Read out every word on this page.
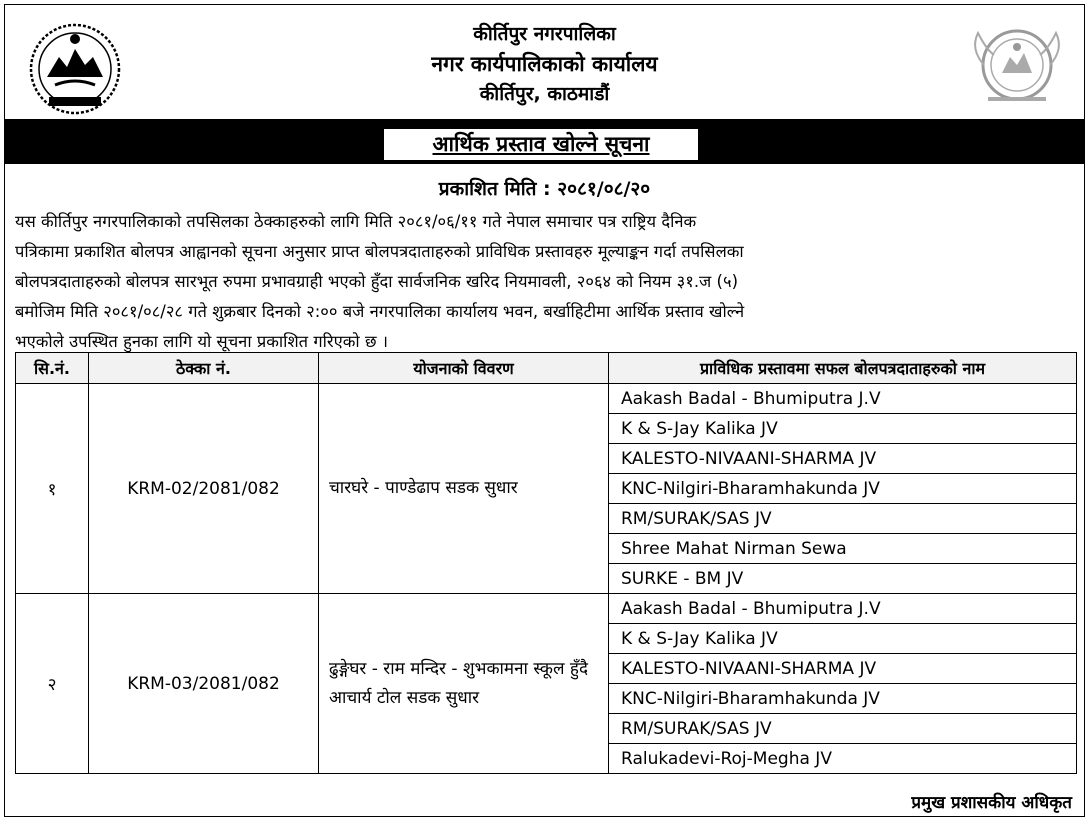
कीर्तिपुर नगरपालिका
नगर कार्यपालिकाको कार्यालय
कीर्तिपुर, काठमाडौं
आर्थिक प्रस्ताव खोल्ने सूचना
प्रकाशित मिति : २०८१/०८/२०
यस कीर्तिपुर नगरपालिकाको तपसिलका ठेक्काहरुको लागि मिति २०८१/०६/११ गते नेपाल समाचार पत्र राष्ट्रिय दैनिक
पत्रिकामा प्रकाशित बोलपत्र आह्वानको सूचना अनुसार प्राप्त बोलपत्रदाताहरुको प्राविधिक प्रस्तावहरु मूल्याङ्कन गर्दा तपसिलका
बोलपत्रदाताहरुको बोलपत्र सारभूत रुपमा प्रभावग्राही भएको हुँदा सार्वजनिक खरिद नियमावली, २०६४ को नियम ३१.ज (५)
बमोजिम मिति २०८१/०८/२८ गते शुक्रबार दिनको २:०० बजे नगरपालिका कार्यालय भवन, बर्खाहिटीमा आर्थिक प्रस्ताव खोल्ने
भएकोले उपस्थित हुनका लागि यो सूचना प्रकाशित गरिएको छ ।
सि.नं.	ठेक्का नं.	योजनाको विवरण	प्राविधिक प्रस्तावमा सफल बोलपत्रदाताहरुको नाम
१	KRM-02/2081/082	चारघरे - पाण्डेढाप सडक सुधार	Aakash Badal - Bhumiputra J.V
			K & S-Jay Kalika JV
			KALESTO-NIVAANI-SHARMA JV
			KNC-Nilgiri-Bharamhakunda JV
			RM/SURAK/SAS JV
			Shree Mahat Nirman Sewa
			SURKE - BM JV
२	KRM-03/2081/082	ढुङ्गेघर - राम मन्दिर - शुभकामना स्कूल हुँदै आचार्य टोल सडक सुधार	Aakash Badal - Bhumiputra J.V
			K & S-Jay Kalika JV
			KALESTO-NIVAANI-SHARMA JV
			KNC-Nilgiri-Bharamhakunda JV
			RM/SURAK/SAS JV
			Ralukadevi-Roj-Megha JV
प्रमुख प्रशासकीय अधिकृत
